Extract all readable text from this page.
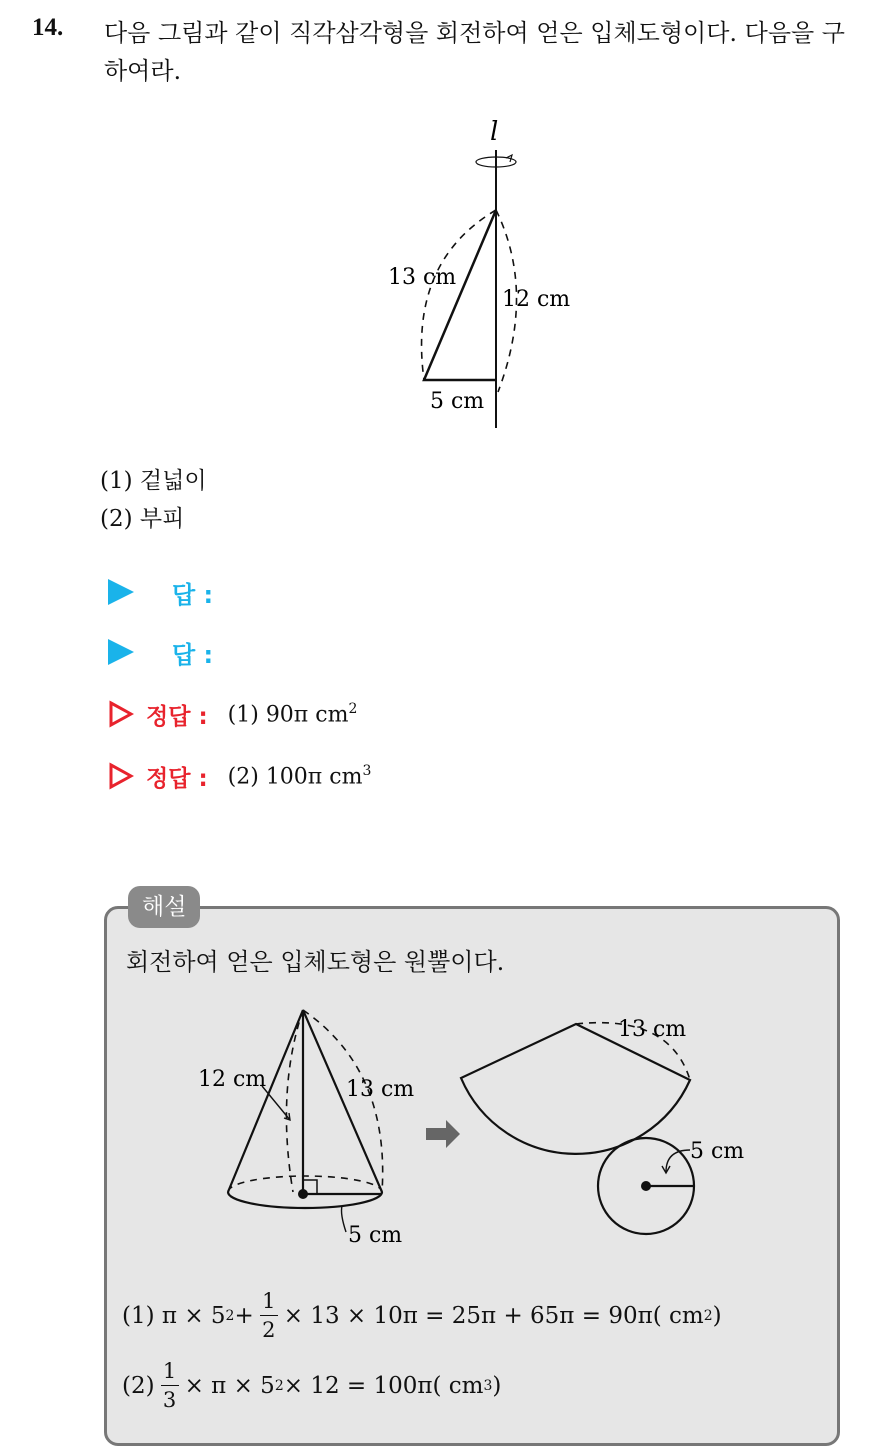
14. 다음 그림과 같이 직각삼각형을 회전하여 얻은 입체도형이다. 다음을 구하여라.
l
13 cm
12 cm
5 cm
(1) 겉넓이
(2) 부피
답 :
답 :
정답 : (1) 90π $cm^2$
정답 : (2) 100π $cm^3$
해설
회전하여 얻은 입체도형은 원뿔이다.
12 cm	13 cm
5 cm
13 cm
5 cm
(1) π × 5 $2 + \frac{1}{2} \times 13 \times 10\pi = 25\pi + 65\pi = 90\pi$( cm 2 )
$(2) \frac{1}{3} \times \pi \times 5$ 2 × 12 = 100π( cm 3 )
